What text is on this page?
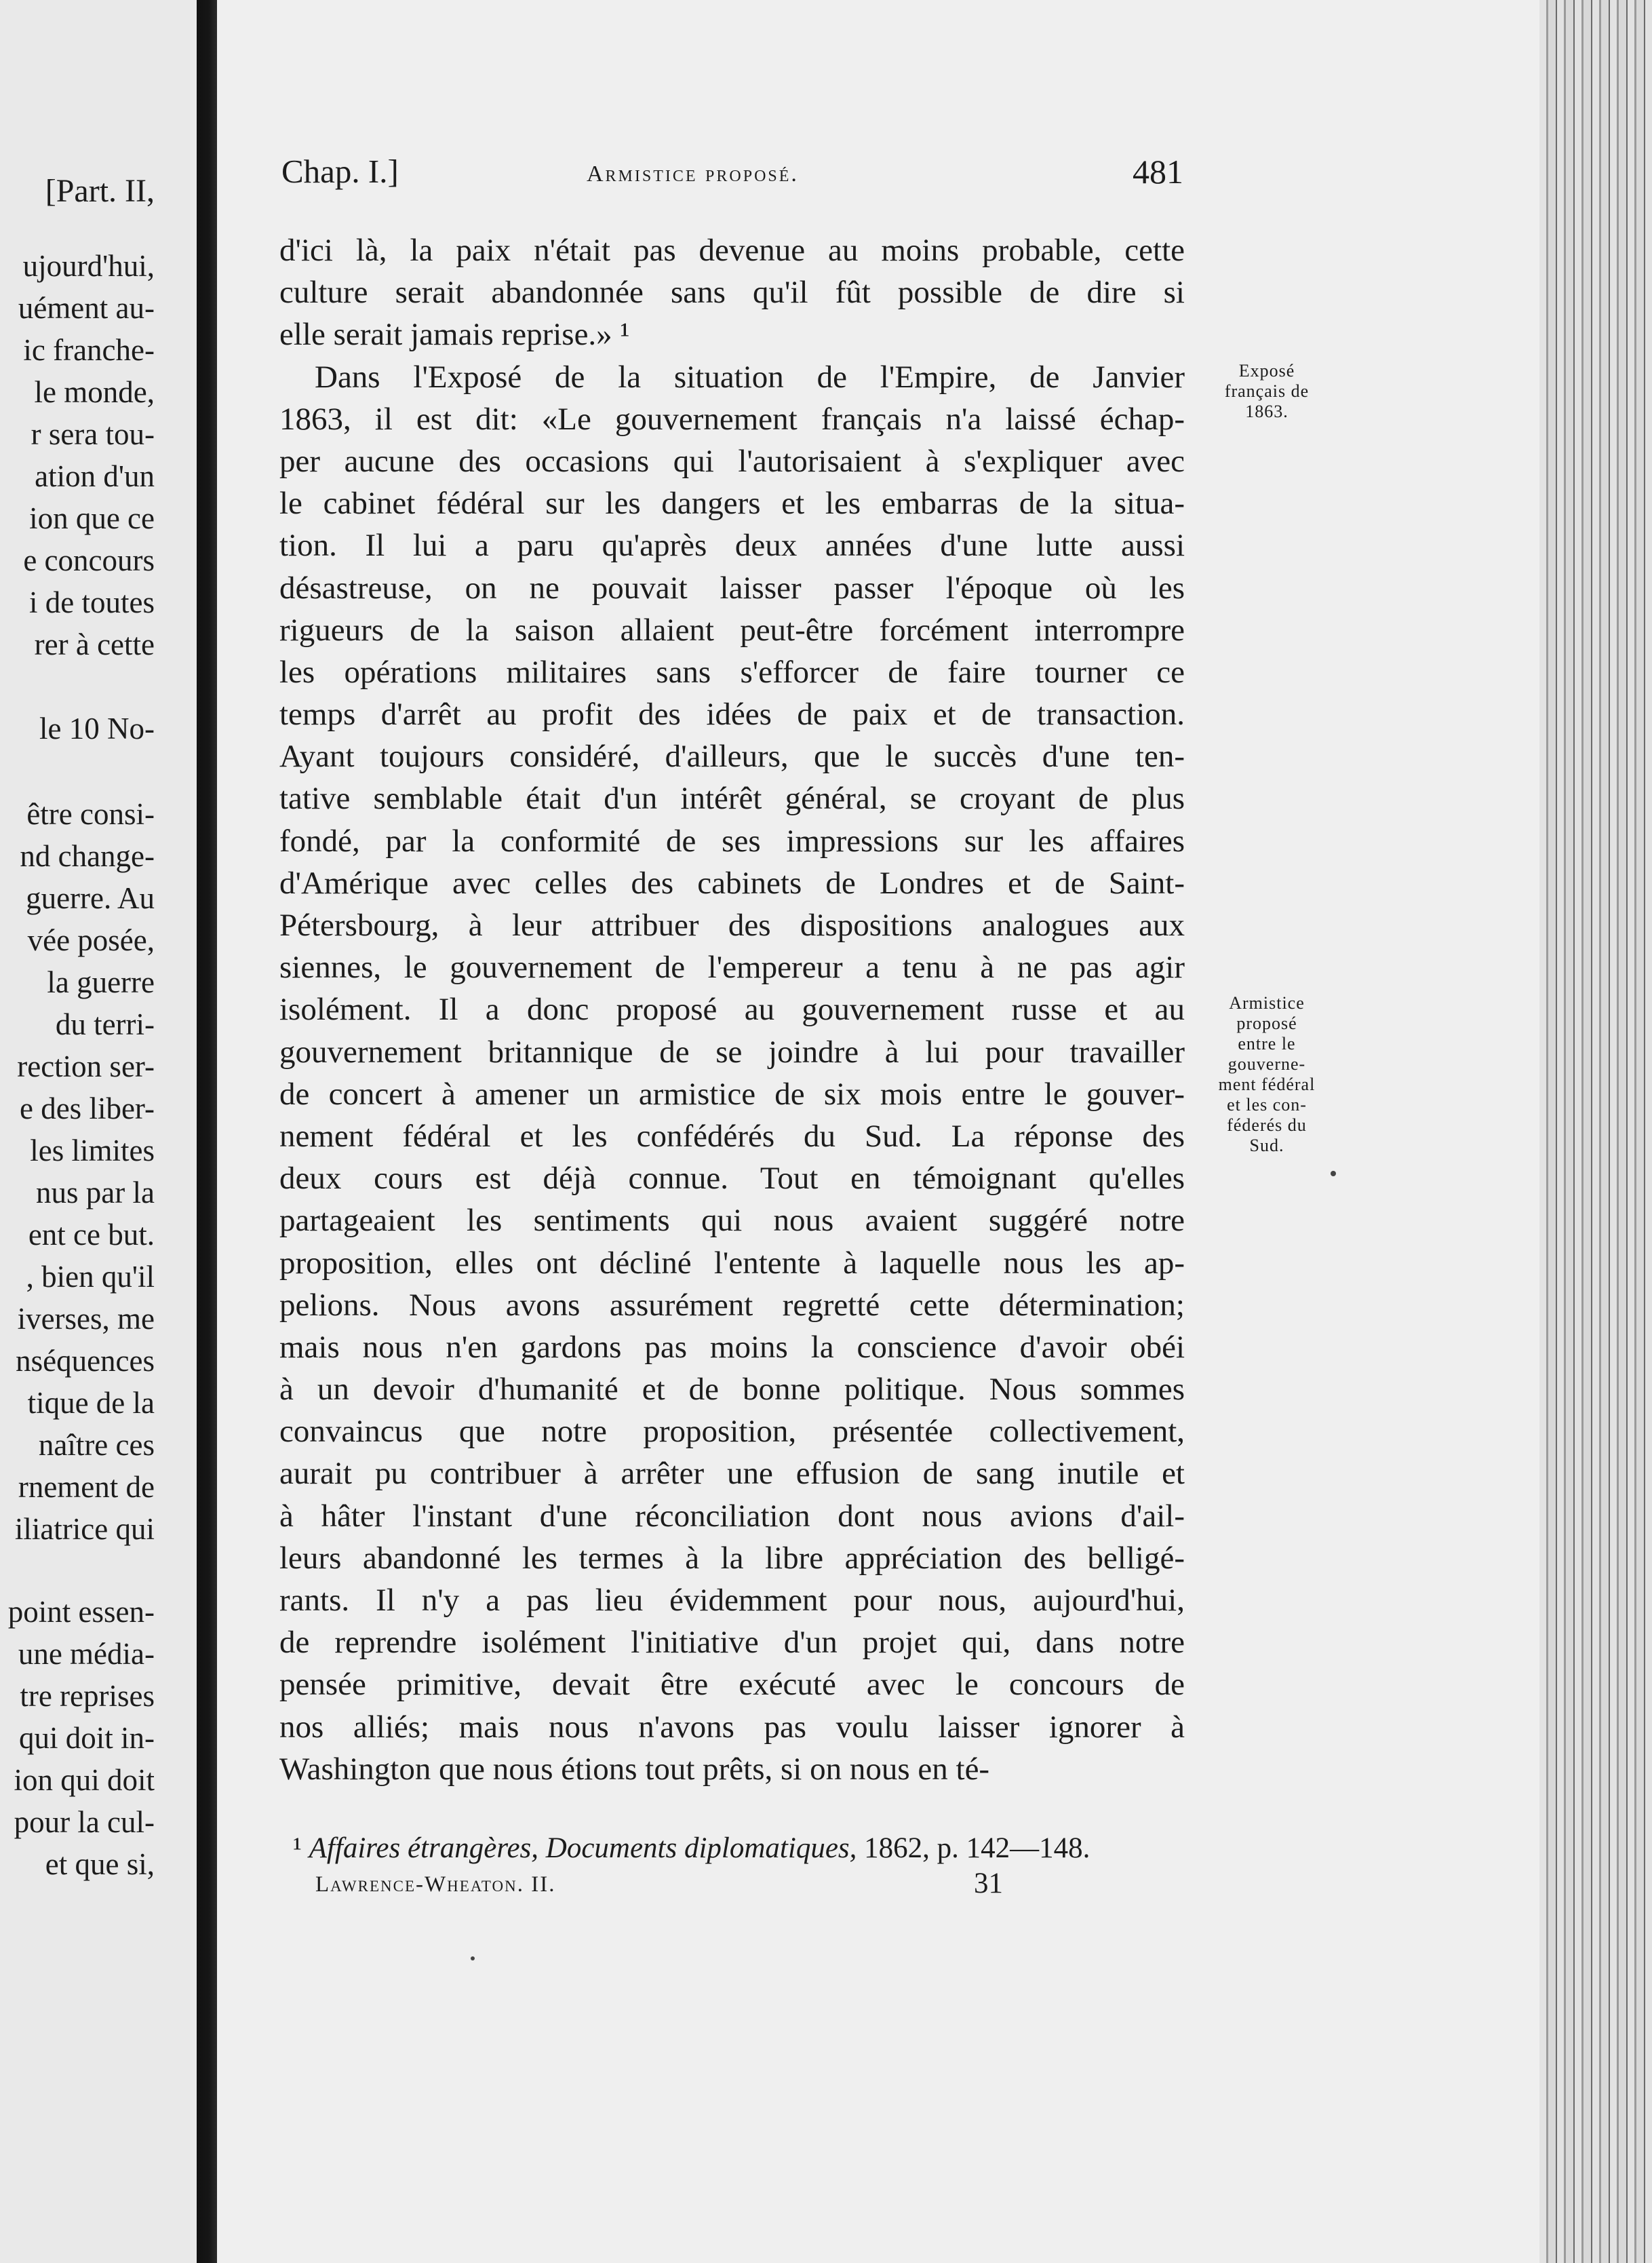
[Part. II,
ujourd'hui,
uément au-
ic franche-
le monde,
r sera tou-
ation d'un
ion que ce
e concours
i de toutes
rer à cette
le 10 No-
être consi-
nd change-
guerre. Au
vée posée,
la guerre
du terri-
rection ser-
e des liber-
les limites
nus par la
ent ce but.
, bien qu'il
iverses, me
nséquences
tique de la
naître ces
rnement de
iliatrice qui
point essen-
une média-
tre reprises
qui doit in-
ion qui doit
pour la cul-
et que si,
Chap. I.]	Armistice proposé.	481
d'ici là, la paix n'était pas devenue au moins probable, cette
culture serait abandonnée sans qu'il fût possible de dire si
elle serait jamais reprise.» ¹
Dans l'Exposé de la situation de l'Empire, de Janvier
1863, il est dit: «Le gouvernement français n'a laissé échap-
per aucune des occasions qui l'autorisaient à s'expliquer avec
le cabinet fédéral sur les dangers et les embarras de la situa-
tion. Il lui a paru qu'après deux années d'une lutte aussi
désastreuse, on ne pouvait laisser passer l'époque où les
rigueurs de la saison allaient peut-être forcément interrompre
les opérations militaires sans s'efforcer de faire tourner ce
temps d'arrêt au profit des idées de paix et de transaction.
Ayant toujours considéré, d'ailleurs, que le succès d'une ten-
tative semblable était d'un intérêt général, se croyant de plus
fondé, par la conformité de ses impressions sur les affaires
d'Amérique avec celles des cabinets de Londres et de Saint-
Pétersbourg, à leur attribuer des dispositions analogues aux
siennes, le gouvernement de l'empereur a tenu à ne pas agir
isolément. Il a donc proposé au gouvernement russe et au
gouvernement britannique de se joindre à lui pour travailler
de concert à amener un armistice de six mois entre le gouver-
nement fédéral et les confédérés du Sud. La réponse des
deux cours est déjà connue. Tout en témoignant qu'elles
partageaient les sentiments qui nous avaient suggéré notre
proposition, elles ont décliné l'entente à laquelle nous les ap-
pelions. Nous avons assurément regretté cette détermination;
mais nous n'en gardons pas moins la conscience d'avoir obéi
à un devoir d'humanité et de bonne politique. Nous sommes
convaincus que notre proposition, présentée collectivement,
aurait pu contribuer à arrêter une effusion de sang inutile et
à hâter l'instant d'une réconciliation dont nous avions d'ail-
leurs abandonné les termes à la libre appréciation des belligé-
rants. Il n'y a pas lieu évidemment pour nous, aujourd'hui,
de reprendre isolément l'initiative d'un projet qui, dans notre
pensée primitive, devait être exécuté avec le concours de
nos alliés; mais nous n'avons pas voulu laisser ignorer à
Washington que nous étions tout prêts, si on nous en té-
Exposé
français de
1863.
Armistice
proposé
entre le
gouverne-
ment fédéral
et les con-
féderés du
Sud.
¹ Affaires étrangères, Documents diplomatiques, 1862, p. 142—148.
Lawrence-Wheaton. II.	31
